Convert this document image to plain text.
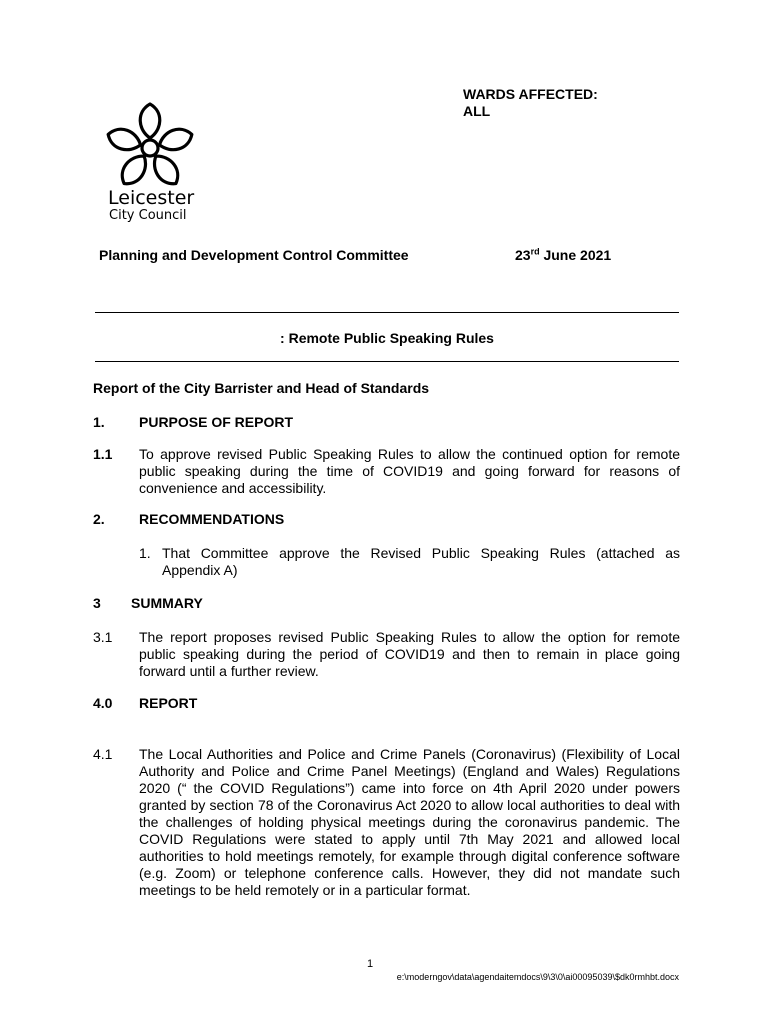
Leicester
City Council
WARDS AFFECTED:
ALL
Planning and Development Control Committee	23rd June 2021
: Remote Public Speaking Rules
Report of the City Barrister and Head of Standards
1. PURPOSE OF REPORT
1.1 To approve revised Public Speaking Rules to allow the continued option for remote public speaking during the time of COVID19 and going forward for reasons of convenience and accessibility.
2. RECOMMENDATIONS
1. That Committee approve the Revised Public Speaking Rules (attached as Appendix A)
3 SUMMARY
3.1 The report proposes revised Public Speaking Rules to allow the option for remote public speaking during the period of COVID19 and then to remain in place going forward until a further review.
4.0 REPORT
4.1 The Local Authorities and Police and Crime Panels (Coronavirus) (Flexibility of Local Authority and Police and Crime Panel Meetings) (England and Wales) Regulations 2020 (“ the COVID Regulations”) came into force on 4th April 2020 under powers granted by section 78 of the Coronavirus Act 2020 to allow local authorities to deal with the challenges of holding physical meetings during the coronavirus pandemic. The COVID Regulations were stated to apply until 7th May 2021 and allowed local authorities to hold meetings remotely, for example through digital conference software (e.g. Zoom) or telephone conference calls. However, they did not mandate such meetings to be held remotely or in a particular format.
1
e:\moderngov\data\agendaitemdocs\9\3\0\ai00095039\$dk0rmhbt.docx
